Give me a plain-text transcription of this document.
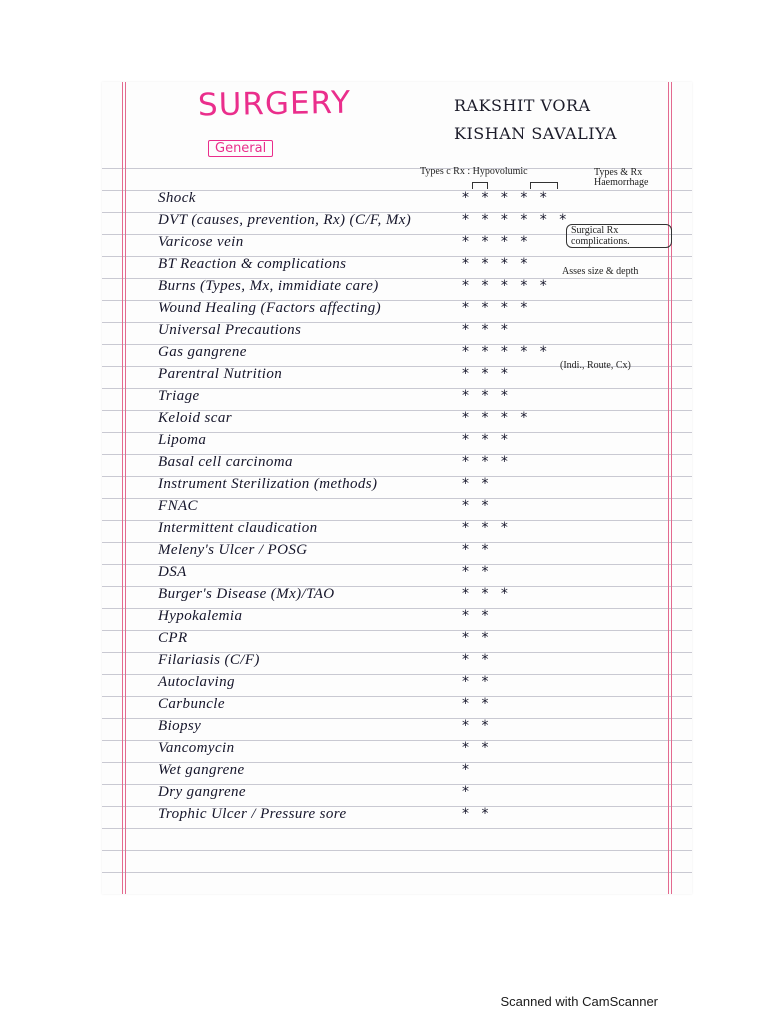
SURGERY
General
RAKSHIT VORA
KISHAN SAVALIYA
Types c Rx : Hypovolumic	Types & Rx Haemorrhage
Surgical Rx complications.
Asses size & depth
(Indi., Route, Cx)
Shock	* * * * *
DVT (causes, prevention, Rx) (C/F, Mx)	* * * * * *
Varicose vein	* * * *
BT Reaction & complications	* * * *
Burns (Types, Mx, immidiate care)	* * * * *
Wound Healing (Factors affecting)	* * * *
Universal Precautions	* * *
Gas gangrene	* * * * *
Parentral Nutrition	* * *
Triage	* * *
Keloid scar	* * * *
Lipoma	* * *
Basal cell carcinoma	* * *
Instrument Sterilization (methods)	* *
FNAC	* *
Intermittent claudication	* * *
Meleny's Ulcer / POSG	* *
DSA	* *
Burger's Disease (Mx)/TAO	* * *
Hypokalemia	* *
CPR	* *
Filariasis (C/F)	* *
Autoclaving	* *
Carbuncle	* *
Biopsy	* *
Vancomycin	* *
Wet gangrene	*
Dry gangrene	*
Trophic Ulcer / Pressure sore	* *
Scanned with CamScanner
